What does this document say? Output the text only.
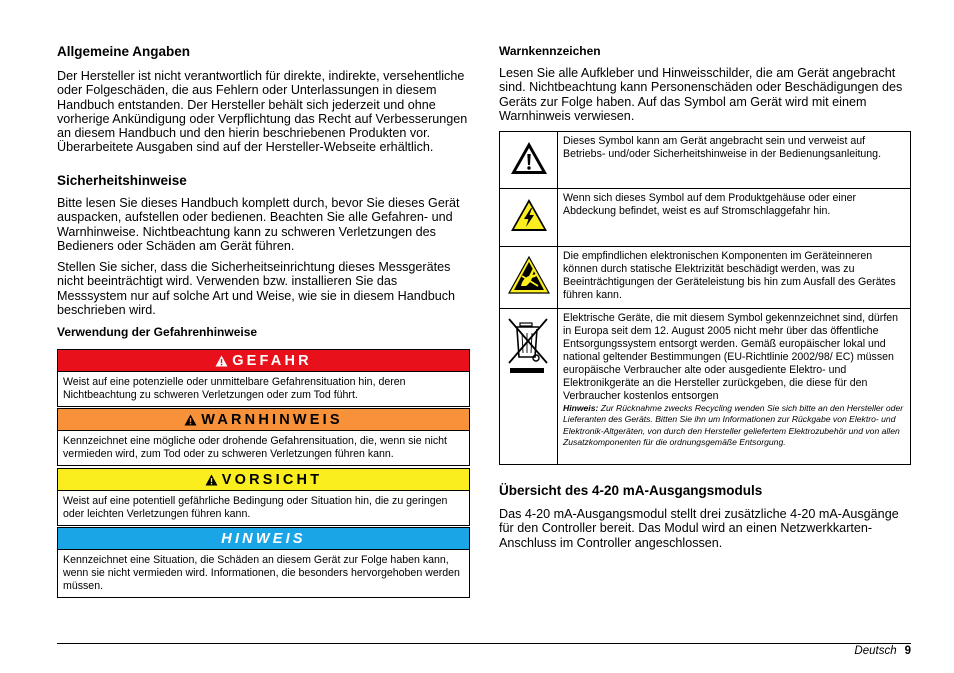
Allgemeine Angaben

Der Hersteller ist nicht verantwortlich für direkte, indirekte, versehentliche oder Folgeschäden, die aus Fehlern oder Unterlassungen in diesem Handbuch entstanden. Der Hersteller behält sich jederzeit und ohne vorherige Ankündigung oder Verpflichtung das Recht auf Verbesserungen an diesem Handbuch und den hierin beschriebenen Produkten vor. Überarbeitete Ausgaben sind auf der Hersteller-Webseite erhältlich.

Sicherheitshinweise

Bitte lesen Sie dieses Handbuch komplett durch, bevor Sie dieses Gerät auspacken, aufstellen oder bedienen. Beachten Sie alle Gefahren- und Warnhinweise. Nichtbeachtung kann zu schweren Verletzungen des Bedieners oder Schäden am Gerät führen.

Stellen Sie sicher, dass die Sicherheitseinrichtung dieses Messgerätes nicht beeinträchtigt wird. Verwenden bzw. installieren Sie das Messsystem nur auf solche Art und Weise, wie sie in diesem Handbuch beschrieben wird.

Verwendung der Gefahrenhinweise
GEFAHR
Weist auf eine potenzielle oder unmittelbare Gefahrensituation hin, deren Nichtbeachtung zu schweren Verletzungen oder zum Tod führt.
WARNHINWEIS
Kennzeichnet eine mögliche oder drohende Gefahrensituation, die, wenn sie nicht vermieden wird, zum Tod oder zu schweren Verletzungen führen kann.
VORSICHT
Weist auf eine potentiell gefährliche Bedingung oder Situation hin, die zu geringen oder leichten Verletzungen führen kann.
HINWEIS
Kennzeichnet eine Situation, die Schäden an diesem Gerät zur Folge haben kann, wenn sie nicht vermieden wird. Informationen, die besonders hervorgehoben werden müssen.
Warnkennzeichen

Lesen Sie alle Aufkleber und Hinweisschilder, die am Gerät angebracht sind. Nichtbeachtung kann Personenschäden oder Beschädigungen des Geräts zur Folge haben. Auf das Symbol am Gerät wird mit einem Warnhinweis verwiesen.

	Dieses Symbol kann am Gerät angebracht sein und verweist auf Betriebs- und/oder Sicherheitshinweise in der Bedienungsanleitung.
	Wenn sich dieses Symbol auf dem Produktgehäuse oder einer Abdeckung befindet, weist es auf Stromschlaggefahr hin.
	Die empfindlichen elektronischen Komponenten im Geräteinneren können durch statische Elektrizität beschädigt werden, was zu Beeinträchtigungen der Geräteleistung bis hin zum Ausfall des Gerätes führen kann.

Elektrische Geräte, die mit diesem Symbol gekennzeichnet sind, dürfen in Europa seit dem 12. August 2005 nicht mehr über das öffentliche Entsorgungssystem entsorgt werden. Gemäß europäischer lokal und national geltender Bestimmungen (EU-Richtlinie 2002/98/ EC) müssen europäische Verbraucher alte oder ausgediente Elektro- und Elektronikgeräte an die Hersteller zurückgeben, die diese für den Verbraucher kostenlos entsorgen
Hinweis: Zur Rücknahme zwecks Recycling wenden Sie sich bitte an den Hersteller oder Lieferanten des Geräts. Bitten Sie ihn um Informationen zur Rückgabe von Elektro- und Elektronik-Altgeräten, von durch den Hersteller geliefertem Elektrozubehör und von allen Zusatzkomponenten für die ordnungsgemäße Entsorgung.
Übersicht des 4-20 mA-Ausgangsmoduls

Das 4-20 mA-Ausgangsmodul stellt drei zusätzliche 4-20 mA-Ausgänge für den Controller bereit. Das Modul wird an einen Netzwerkkarten-Anschluss im Controller angeschlossen.

Deutsch 9
